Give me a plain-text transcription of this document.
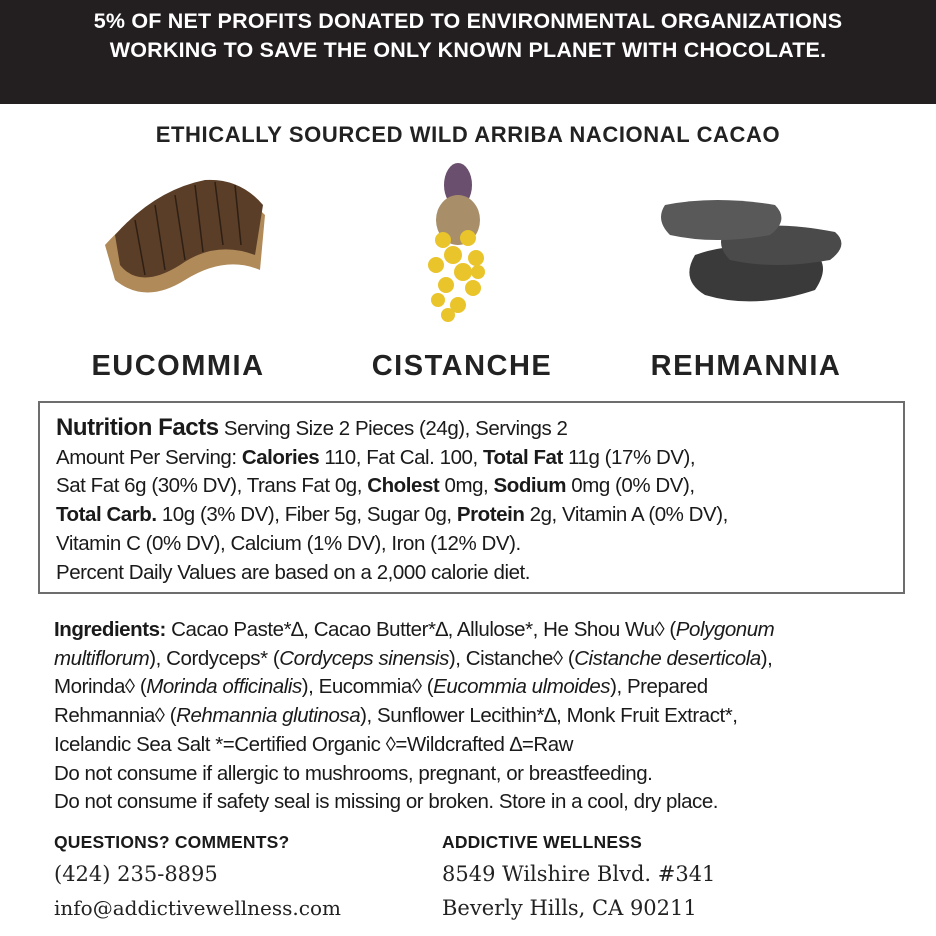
5% OF NET PROFITS DONATED TO ENVIRONMENTAL ORGANIZATIONS
WORKING TO SAVE THE ONLY KNOWN PLANET WITH CHOCOLATE.
ETHICALLY SOURCED WILD ARRIBA NACIONAL CACAO
EUCOMMIA	CISTANCHE	REHMANNIA
Nutrition Facts Serving Size 2 Pieces (24g), Servings 2
Amount Per Serving: Calories 110, Fat Cal. 100, Total Fat 11g (17% DV),
Sat Fat 6g (30% DV), Trans Fat 0g, Cholest 0mg, Sodium 0mg (0% DV),
Total Carb. 10g (3% DV), Fiber 5g, Sugar 0g, Protein 2g, Vitamin A (0% DV),
Vitamin C (0% DV), Calcium (1% DV), Iron (12% DV).
Percent Daily Values are based on a 2,000 calorie diet.
Ingredients: Cacao Paste*∆, Cacao Butter*∆, Allulose*, He Shou Wu◊ (Polygonum
multiflorum), Cordyceps* (Cordyceps sinensis), Cistanche◊ (Cistanche deserticola),
Morinda◊ (Morinda officinalis), Eucommia◊ (Eucommia ulmoides), Prepared
Rehmannia◊ (Rehmannia glutinosa), Sunflower Lecithin*∆, Monk Fruit Extract*,
Icelandic Sea Salt *=Certified Organic ◊=Wildcrafted ∆=Raw
Do not consume if allergic to mushrooms, pregnant, or breastfeeding.
Do not consume if safety seal is missing or broken. Store in a cool, dry place.
QUESTIONS? COMMENTS?
(424) 235-8895
info@addictivewellness.com
ADDICTIVE WELLNESS
8549 Wilshire Blvd. #341
Beverly Hills, CA 90211
